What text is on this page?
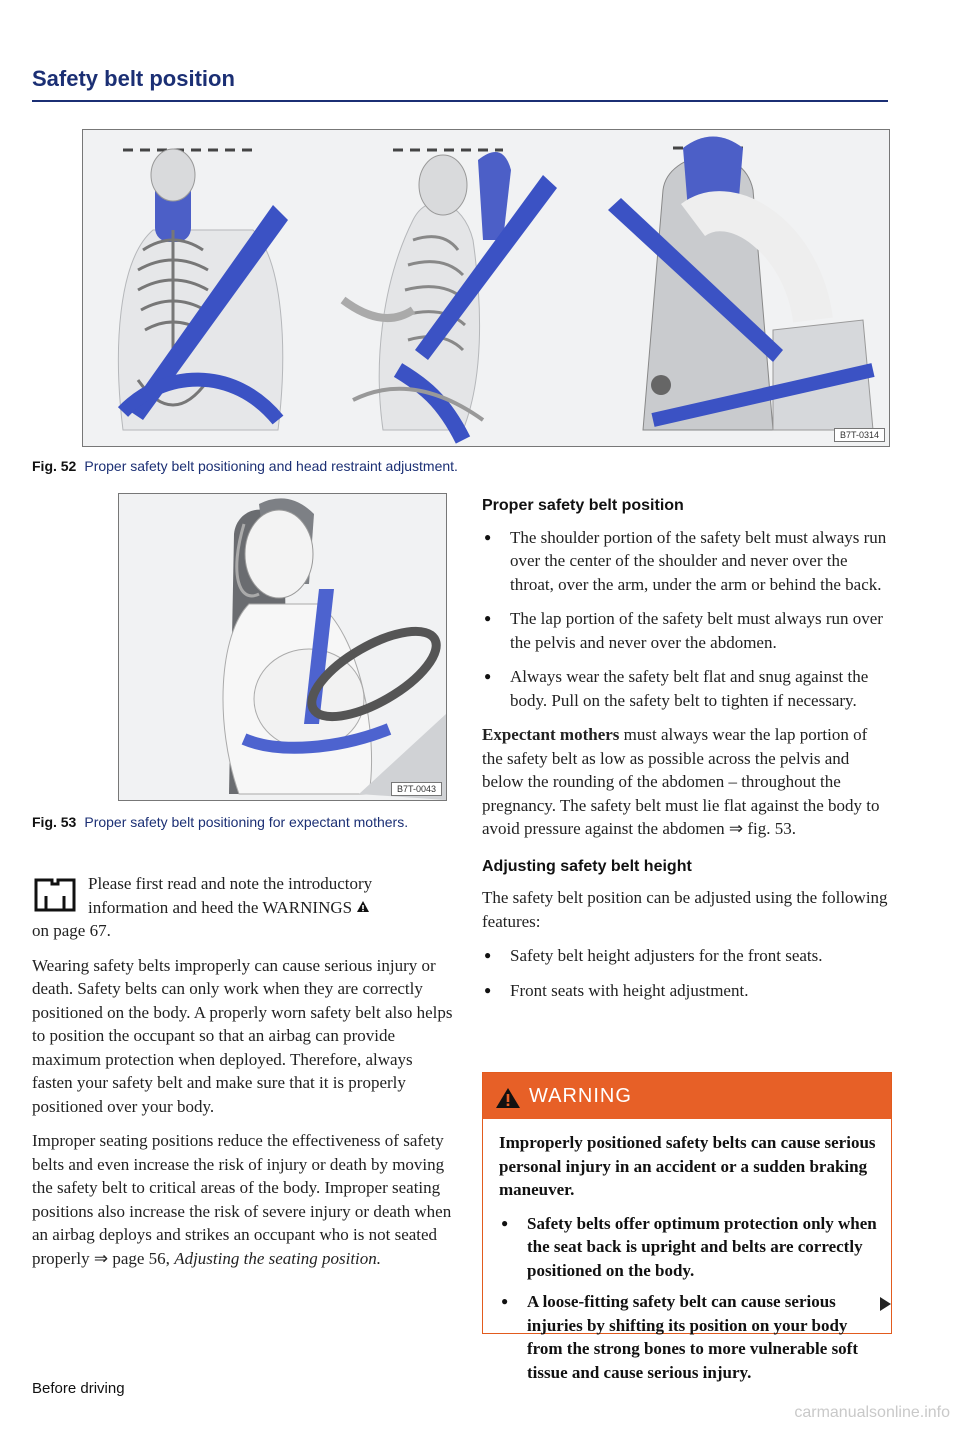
Safety belt position
B7T-0314
Fig. 52 Proper safety belt positioning and head restraint adjustment.
B7T-0043
Fig. 53 Proper safety belt positioning for expectant mothers.

Please first read and note the introductory
information and heed the WARNINGS

on page 67.

Wearing safety belts improperly can cause serious injury or death. Safety belts can only work when they are correctly positioned on the body. A properly worn safety belt also helps to position the occupant so that an airbag can provide maximum protection when deployed. Therefore, always fasten your safety belt and make sure that it is properly positioned over your body.

Improper seating positions reduce the effectiveness of safety belts and even increase the risk of injury or death by moving the safety belt to critical areas of the body. Improper seating positions also increase the risk of severe injury or death when an airbag deploys and strikes an occupant who is not seated properly ⇒ page 56, Adjusting the seating position.

Proper safety belt position
● The shoulder portion of the safety belt must always run over the center of the shoulder and never over the throat, over the arm, under the arm or behind the back.
● The lap portion of the safety belt must always run over the pelvis and never over the abdomen.
● Always wear the safety belt flat and snug against the body. Pull on the safety belt to tighten if necessary.

Expectant mothers must always wear the lap portion of the safety belt as low as possible across the pelvis and below the rounding of the abdomen – throughout the pregnancy. The safety belt must lie flat against the body to avoid pressure against the abdomen ⇒ fig. 53.

Adjusting safety belt height

The safety belt position can be adjusted using the following features:

● Safety belt height adjusters for the front seats.
● Front seats with height adjustment.
WARNING

Improperly positioned safety belts can cause serious personal injury in an accident or a sudden braking maneuver.

● Safety belts offer optimum protection only when the seat back is upright and belts are correctly positioned on the body.
● A loose-fitting safety belt can cause serious injuries by shifting its position on your body from the strong bones to more vulnerable soft tissue and cause serious injury.
Before driving
carmanualsonline.info
